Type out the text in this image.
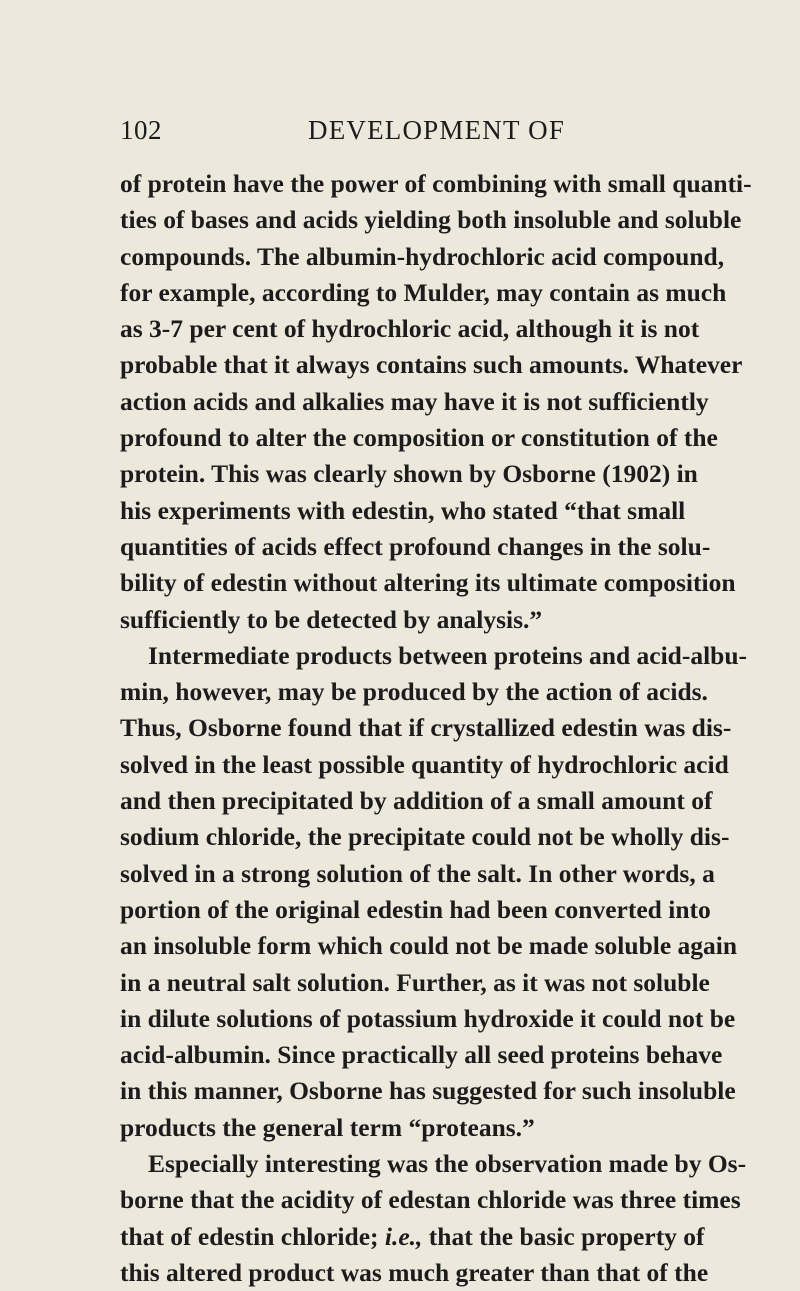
102	DEVELOPMENT OF
of protein have the power of combining with small quanti-
ties of bases and acids yielding both insoluble and soluble
compounds. The albumin-hydrochloric acid compound,
for example, according to Mulder, may contain as much
as 3-7 per cent of hydrochloric acid, although it is not
probable that it always contains such amounts. Whatever
action acids and alkalies may have it is not sufficiently
profound to alter the composition or constitution of the
protein. This was clearly shown by Osborne (1902) in
his experiments with edestin, who stated “that small
quantities of acids effect profound changes in the solu-
bility of edestin without altering its ultimate composition
sufficiently to be detected by analysis.”
Intermediate products between proteins and acid-albu-
min, however, may be produced by the action of acids.
Thus, Osborne found that if crystallized edestin was dis-
solved in the least possible quantity of hydrochloric acid
and then precipitated by addition of a small amount of
sodium chloride, the precipitate could not be wholly dis-
solved in a strong solution of the salt. In other words, a
portion of the original edestin had been converted into
an insoluble form which could not be made soluble again
in a neutral salt solution. Further, as it was not soluble
in dilute solutions of potassium hydroxide it could not be
acid-albumin. Since practically all seed proteins behave
in this manner, Osborne has suggested for such insoluble
products the general term “proteans.”
Especially interesting was the observation made by Os-
borne that the acidity of edestan chloride was three times
that of edestin chloride; i.e., that the basic property of
this altered product was much greater than that of the
